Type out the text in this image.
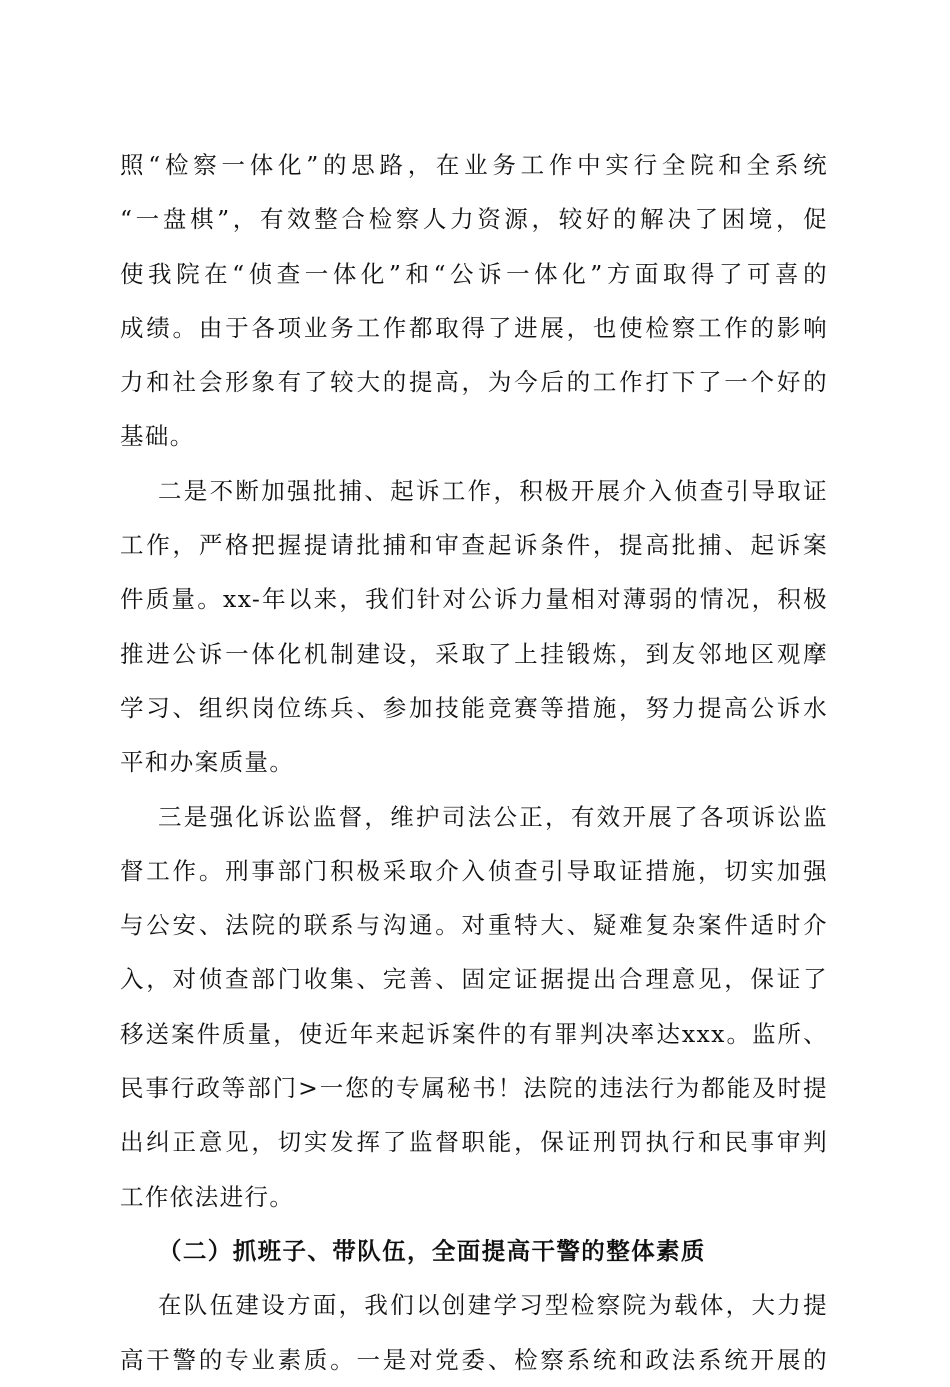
照“检察一体化”的思路，在业务工作中实行全院和全系统
“一盘棋”，有效整合检察人力资源，较好的解决了困境，促
使我院在“侦查一体化”和“公诉一体化”方面取得了可喜的
成绩。由于各项业务工作都取得了进展，也使检察工作的影响
力和社会形象有了较大的提高，为今后的工作打下了一个好的
基础。
二是不断加强批捕、起诉工作，积极开展介入侦查引导取证
工作，严格把握提请批捕和审查起诉条件，提高批捕、起诉案
件质量。xx-年以来，我们针对公诉力量相对薄弱的情况，积极
推进公诉一体化机制建设，采取了上挂锻炼，到友邻地区观摩
学习、组织岗位练兵、参加技能竞赛等措施，努力提高公诉水
平和办案质量。
三是强化诉讼监督，维护司法公正，有效开展了各项诉讼监
督工作。刑事部门积极采取介入侦查引导取证措施，切实加强
与公安、法院的联系与沟通。对重特大、疑难复杂案件适时介
入，对侦查部门收集、完善、固定证据提出合理意见，保证了
移送案件质量，使近年来起诉案件的有罪判决率达xxx。监所、
民事行政等部门>一您的专属秘书！法院的违法行为都能及时提
出纠正意见，切实发挥了监督职能，保证刑罚执行和民事审判
工作依法进行。
（二）抓班子、带队伍，全面提高干警的整体素质
在队伍建设方面，我们以创建学习型检察院为载体，大力提
高干警的专业素质。一是对党委、检察系统和政法系统开展的
